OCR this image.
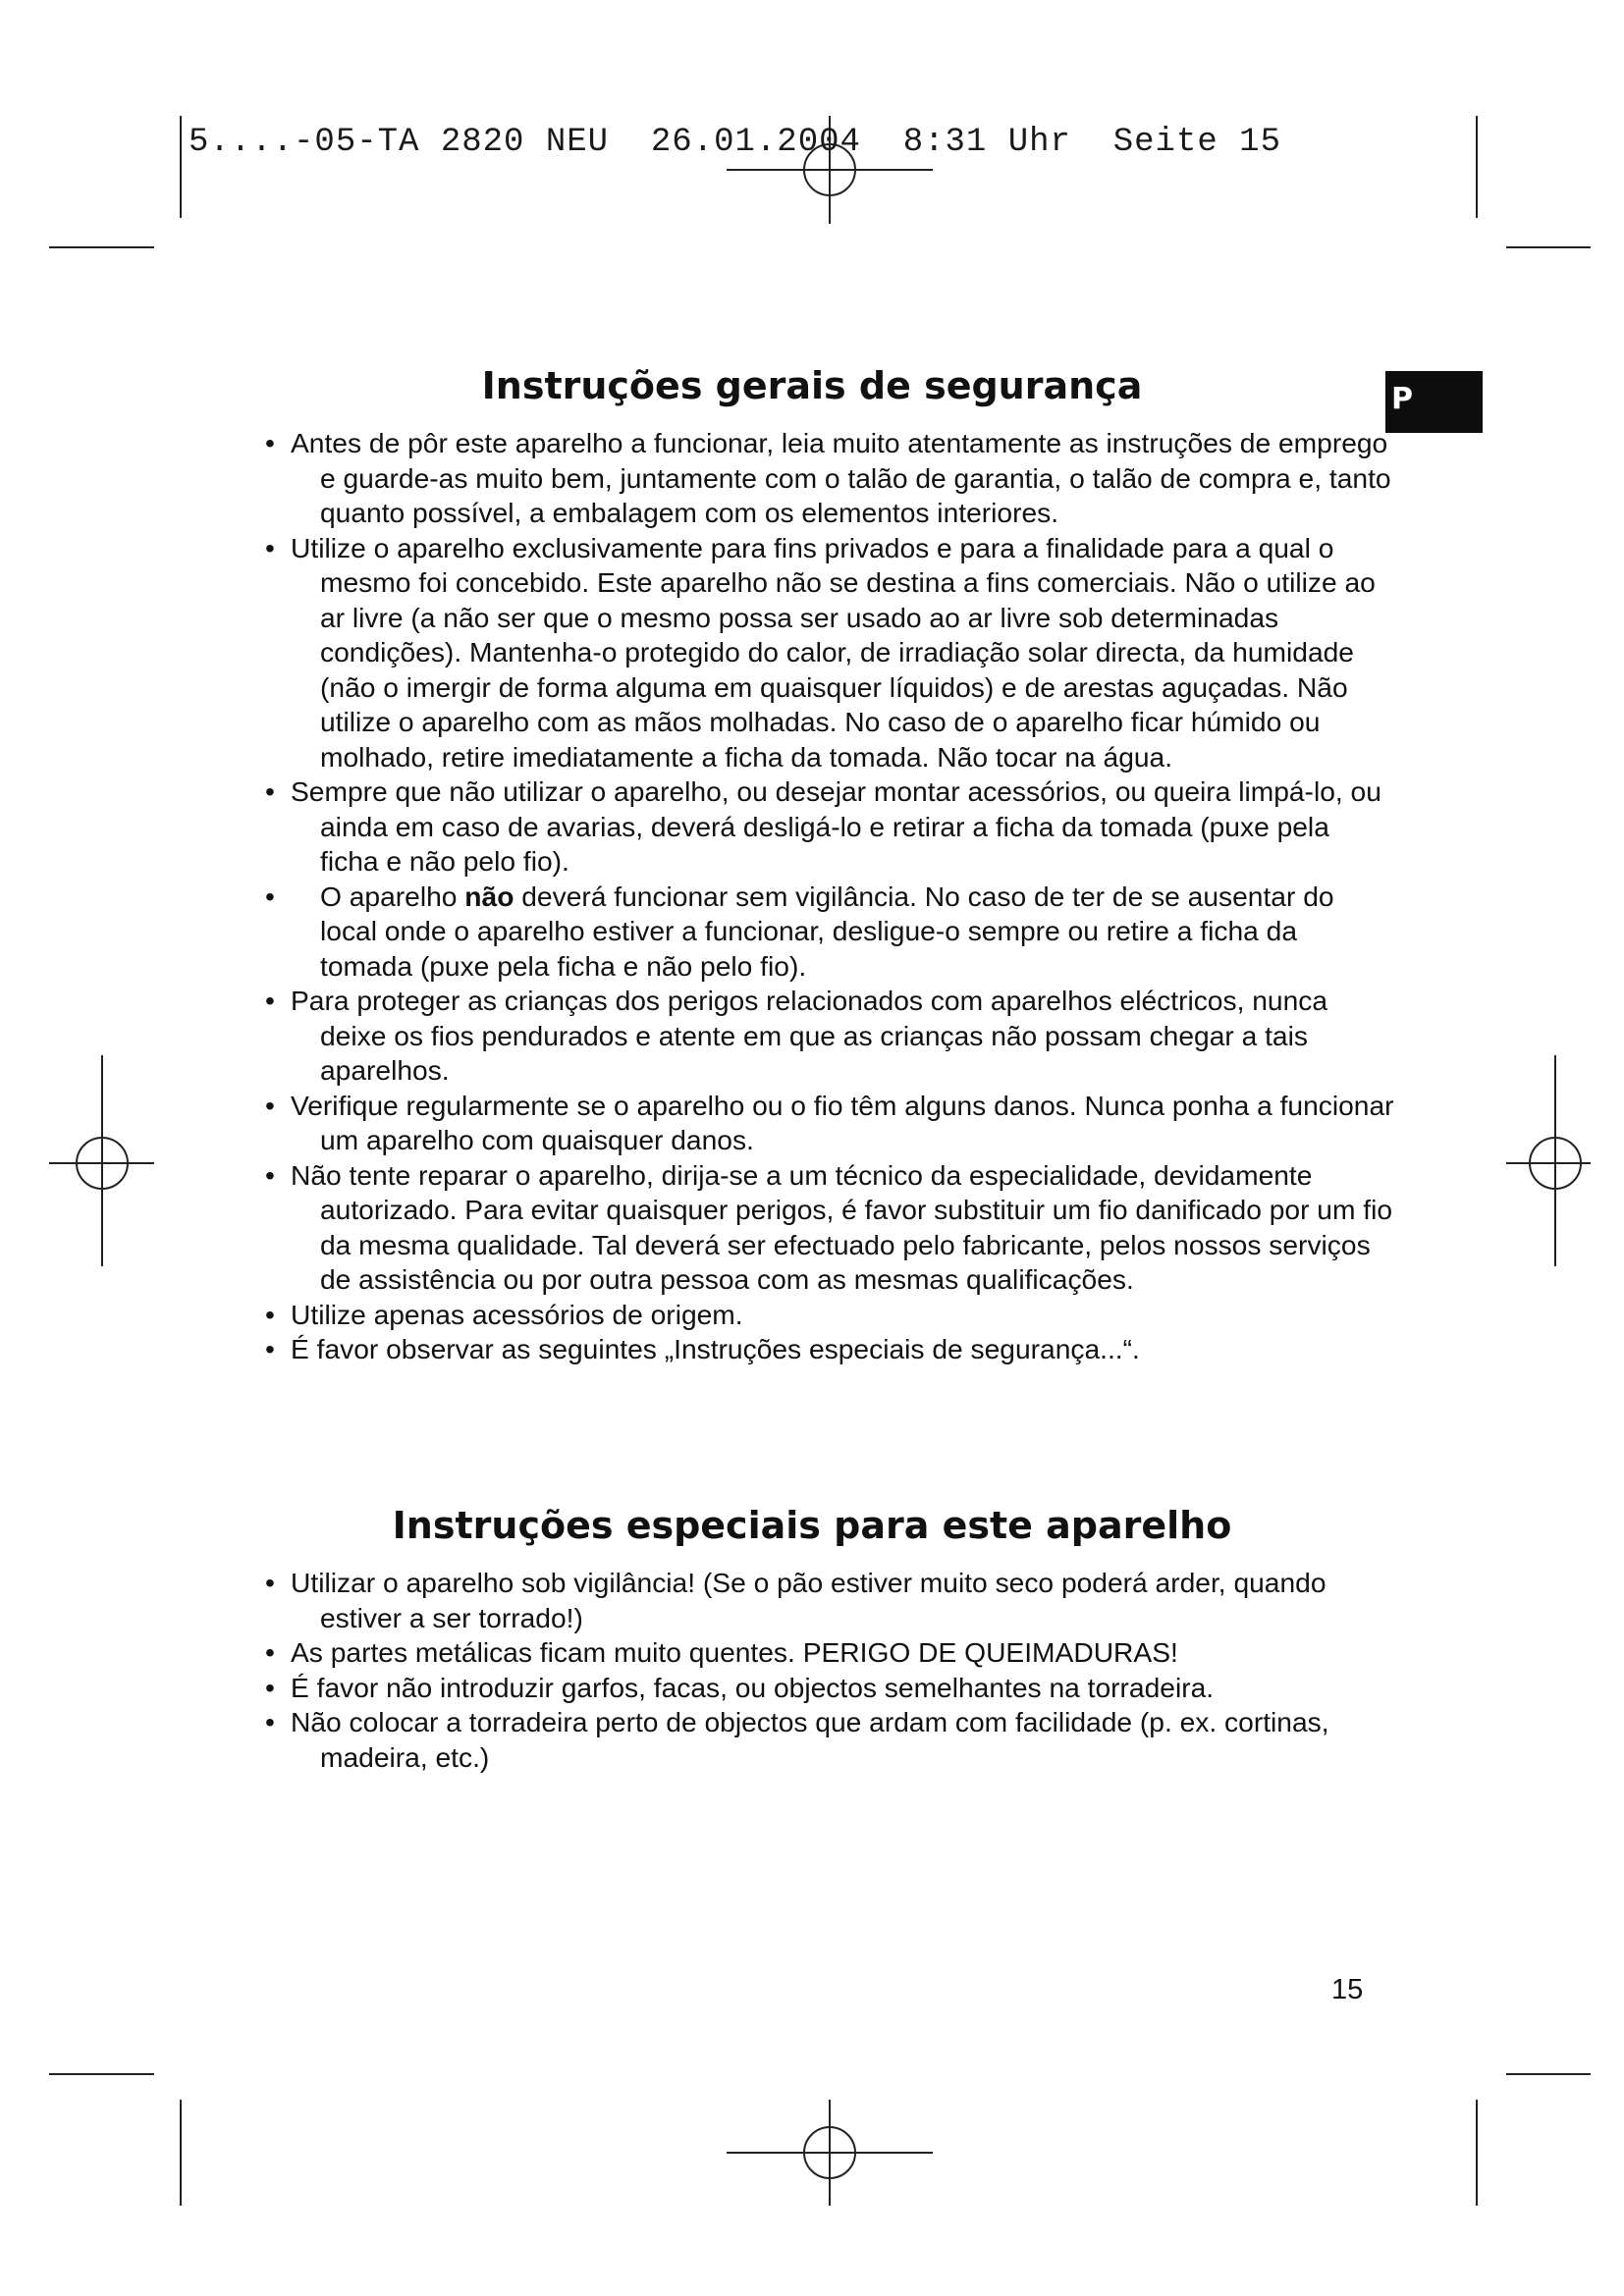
5....-05-TA 2820 NEU  26.01.2004  8:31 Uhr  Seite 15
P
Instruções gerais de segurança
• Antes de pôr este aparelho a funcionar, leia muito atentamente as instruções de emprego e guarde-as muito bem, juntamente com o talão de garantia, o talão de compra e, tanto quanto possível, a embalagem com os elementos interiores.
• Utilize o aparelho exclusivamente para fins privados e para a finalidade para a qual o mesmo foi concebido. Este aparelho não se destina a fins comerciais. Não o utilize ao ar livre (a não ser que o mesmo possa ser usado ao ar livre sob determinadas condições). Mantenha-o protegido do calor, de irradiação solar directa, da humidade (não o imergir de forma alguma em quaisquer líquidos) e de arestas aguçadas. Não utilize o aparelho com as mãos molhadas. No caso de o aparelho ficar húmido ou molhado, retire imediatamente a ficha da tomada. Não tocar na água.
• Sempre que não utilizar o aparelho, ou desejar montar acessórios, ou queira limpá-lo, ou ainda em caso de avarias, deverá desligá-lo e retirar a ficha da tomada (puxe pela ficha e não pelo fio).
• O aparelho não deverá funcionar sem vigilância. No caso de ter de se ausentar do local onde o aparelho estiver a funcionar, desligue-o sempre ou retire a ficha da tomada (puxe pela ficha e não pelo fio).
• Para proteger as crianças dos perigos relacionados com aparelhos eléctricos, nunca deixe os fios pendurados e atente em que as crianças não possam chegar a tais aparelhos.
• Verifique regularmente se o aparelho ou o fio têm alguns danos. Nunca ponha a funcionar um aparelho com quaisquer danos.
• Não tente reparar o aparelho, dirija-se a um técnico da especialidade, devidamente autorizado. Para evitar quaisquer perigos, é favor substituir um fio danificado por um fio da mesma qualidade. Tal deverá ser efectuado pelo fabricante, pelos nossos serviços de assistência ou por outra pessoa com as mesmas qualificações.
• Utilize apenas acessórios de origem.
• É favor observar as seguintes „Instruções especiais de segurança...“.
Instruções especiais para este aparelho
• Utilizar o aparelho sob vigilância! (Se o pão estiver muito seco poderá arder, quando estiver a ser torrado!)
• As partes metálicas ficam muito quentes. PERIGO DE QUEIMADURAS!
• É favor não introduzir garfos, facas, ou objectos semelhantes na torradeira.
• Não colocar a torradeira perto de objectos que ardam com facilidade (p. ex. cortinas, madeira, etc.)
15
